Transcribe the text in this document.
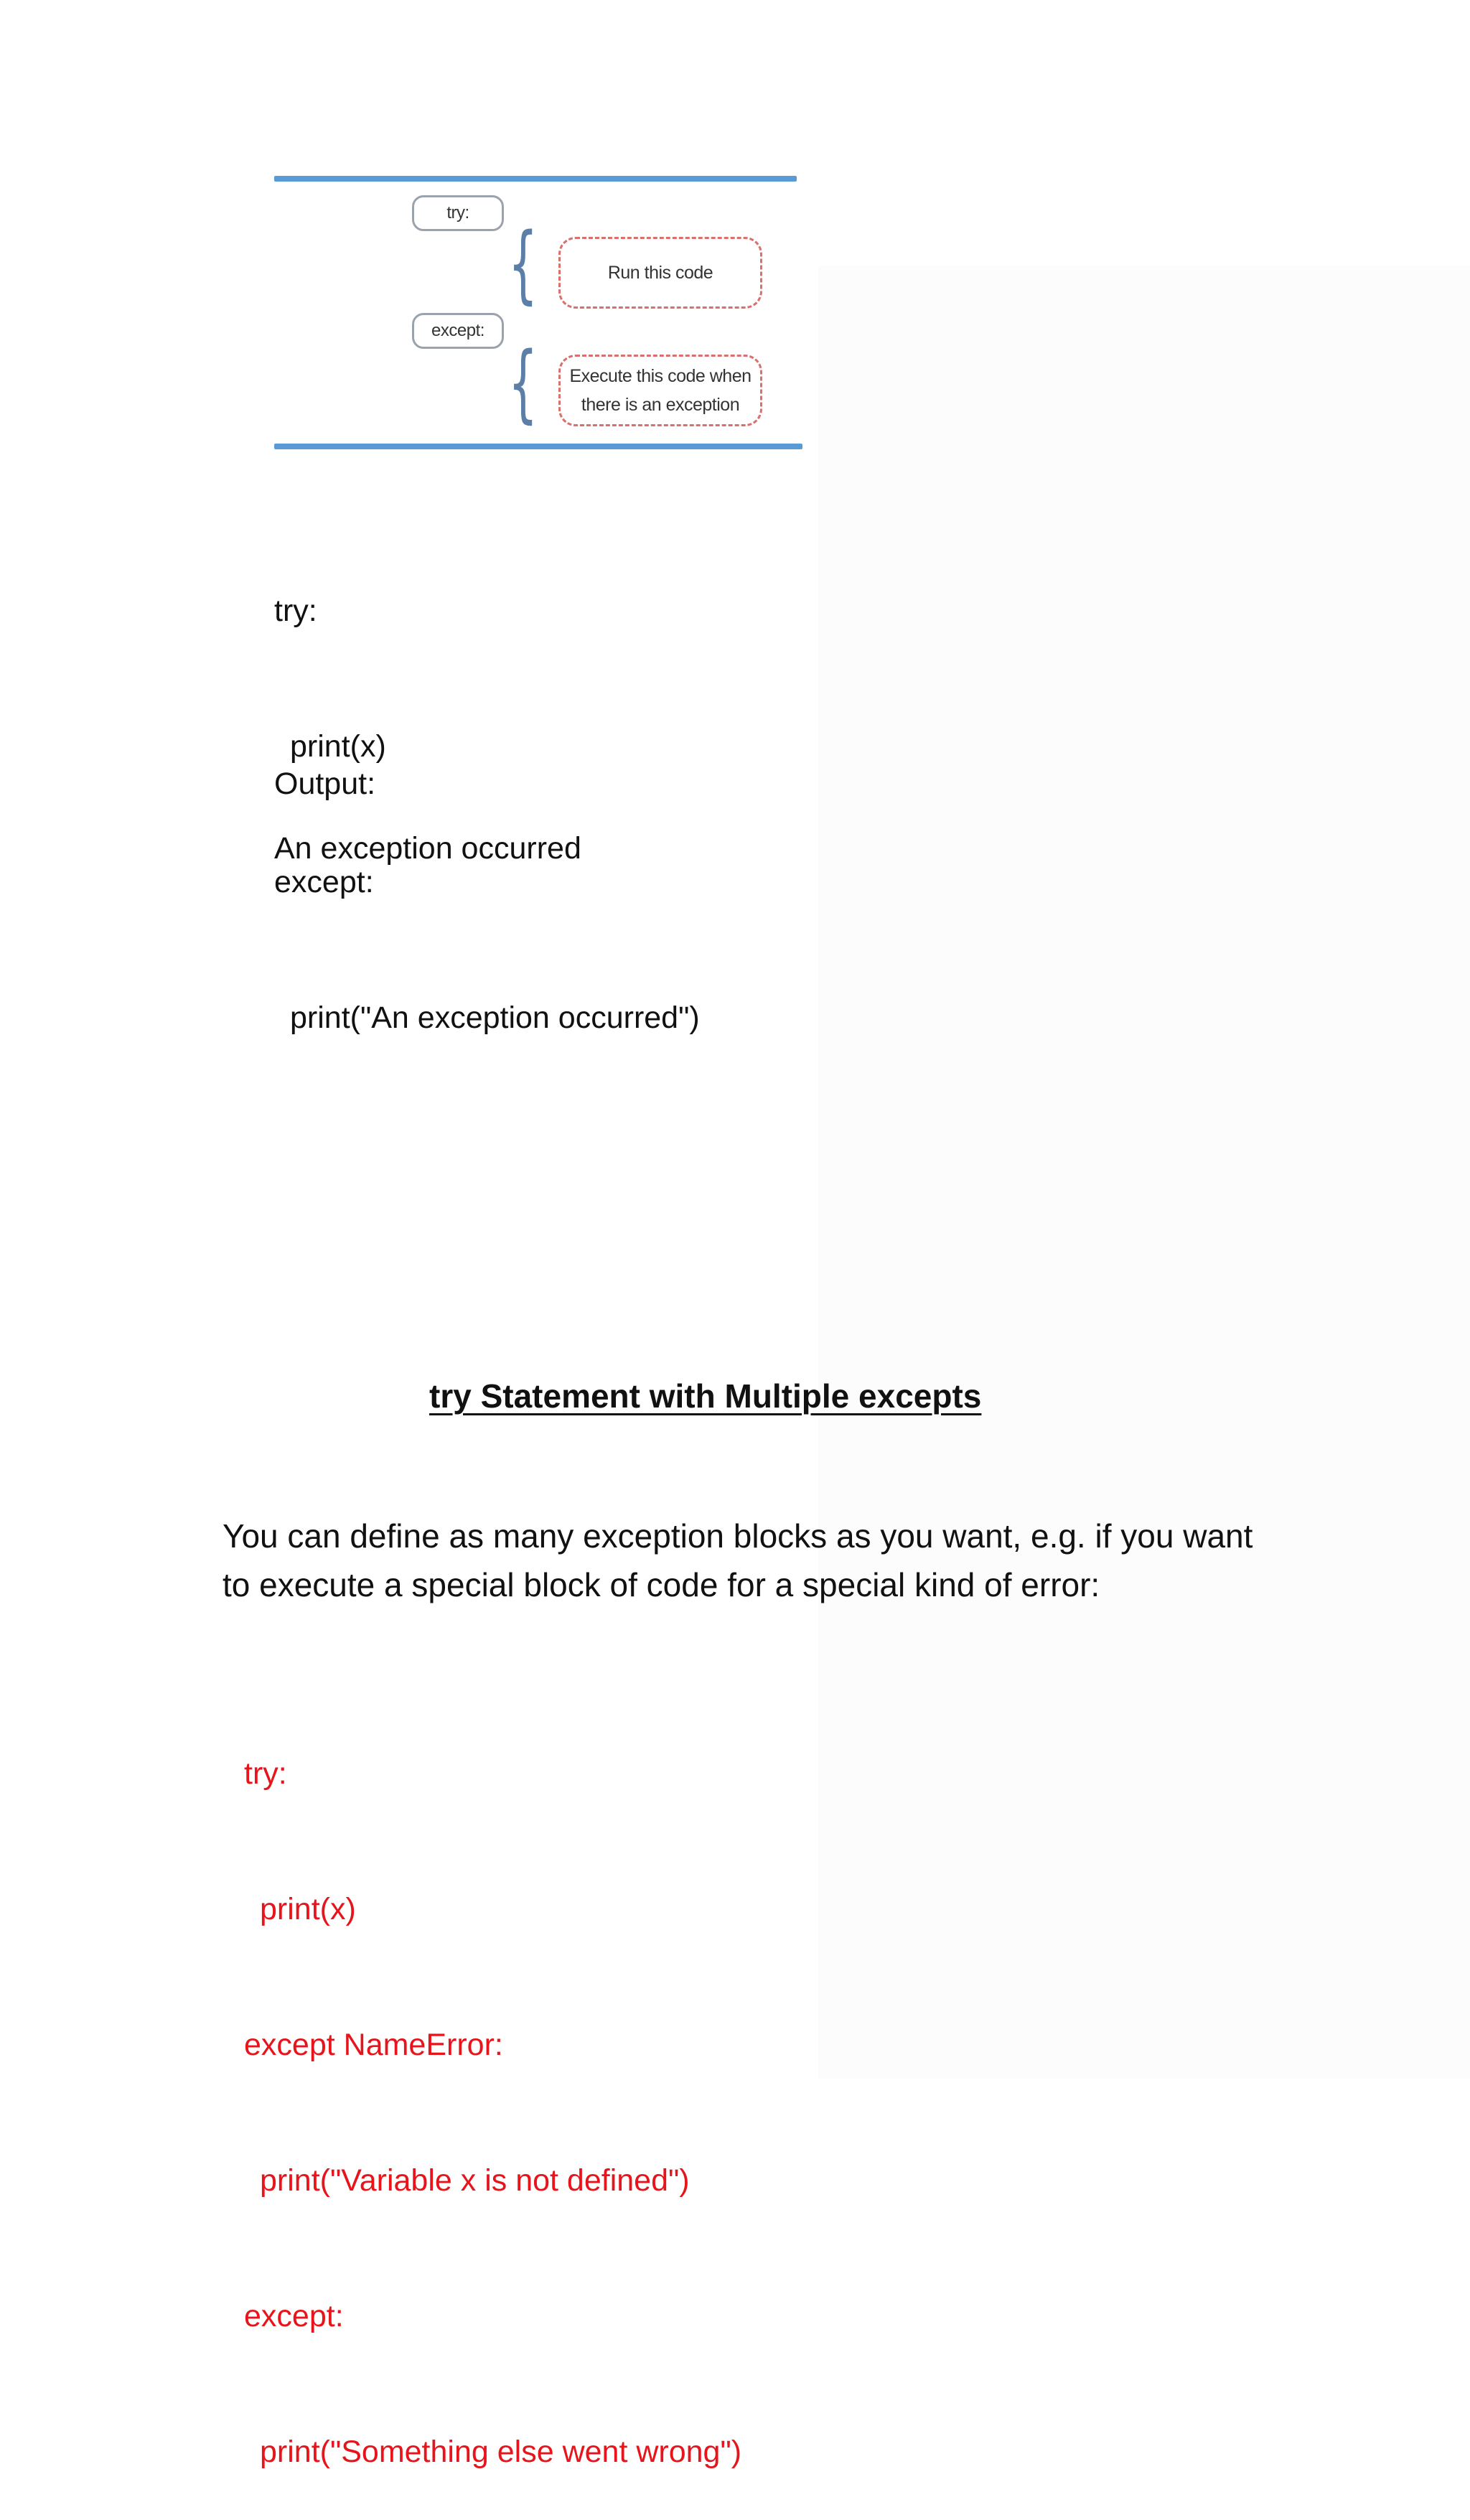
try:
{	Run this code
except:
{ Execute this code when
there is an exception

try:

print(x)

except:

print("An exception occurred")

Output:
An exception occurred
try Statement with Multiple excepts
You can define as many exception blocks as you want, e.g. if you want to execute a special block of code for a special kind of error:

try:

print(x)

except NameError:

print("Variable x is not defined")

except:

print("Something else went wrong")
